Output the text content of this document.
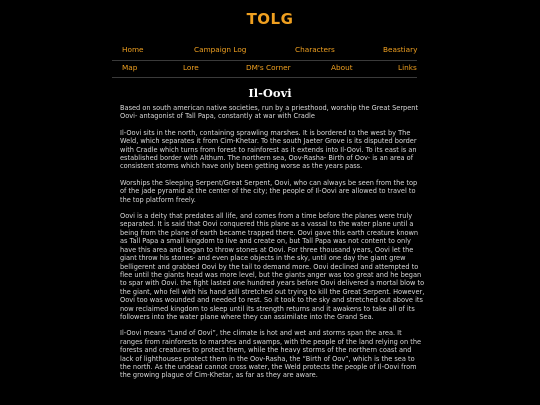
TOLG
Home	Campaign Log	Characters	Beastiary
Map	Lore	DM's Corner	About	Links
Il-Oovi

Based on south american native societies, run by a priesthood, worship the Great Serpent Oovi- antagonist of Tall Papa, constantly at war with Cradle

Il-Oovi sits in the north, containing sprawling marshes. It is bordered to the west by The Weld, which separates it from Cim-Khetar. To the south Jaeter Grove is its disputed border with Cradle which turns from forest to rainforest as it extends into Il-Oovi. To its east is an established border with Althum. The northern sea, Oov-Rasha- Birth of Oov- is an area of consistent storms which have only been getting worse as the years pass.

Worships the Sleeping Serpent/Great Serpent, Oovi, who can always be seen from the top of the jade pyramid at the center of the city; the people of Il-Oovi are allowed to travel to the top platform freely.

Oovi is a deity that predates all life, and comes from a time before the planes were truly separated. It is said that Oovi conquered this plane as a vassal to the water plane until a being from the plane of earth became trapped there. Oovi gave this earth creature known as Tall Papa a small kingdom to live and create on, but Tall Papa was not content to only have this area and began to throw stones at Oovi. For three thousand years, Oovi let the giant throw his stones- and even place objects in the sky, until one day the giant grew belligerent and grabbed Oovi by the tail to demand more. Oovi declined and attempted to flee until the giants head was more level, but the giants anger was too great and he began to spar with Oovi. the fight lasted one hundred years before Oovi delivered a mortal blow to the giant, who fell with his hand still stretched out trying to kill the Great Serpent. However, Oovi too was wounded and needed to rest. So it took to the sky and stretched out above its now reclaimed kingdom to sleep until its strength returns and it awakens to take all of its followers into the water plane where they can assimilate into the Grand Sea.

Il-Oovi means “Land of Oovi”, the climate is hot and wet and storms span the area. It ranges from rainforests to marshes and swamps, with the people of the land relying on the forests and creatures to protect them, while the heavy storms of the northern coast and lack of lighthouses protect them in the Oov-Rasha, the “Birth of Oov”, which is the sea to the north. As the undead cannot cross water, the Weld protects the people of Il-Oovi from the growing plague of Cim-Khetar, as far as they are aware.
